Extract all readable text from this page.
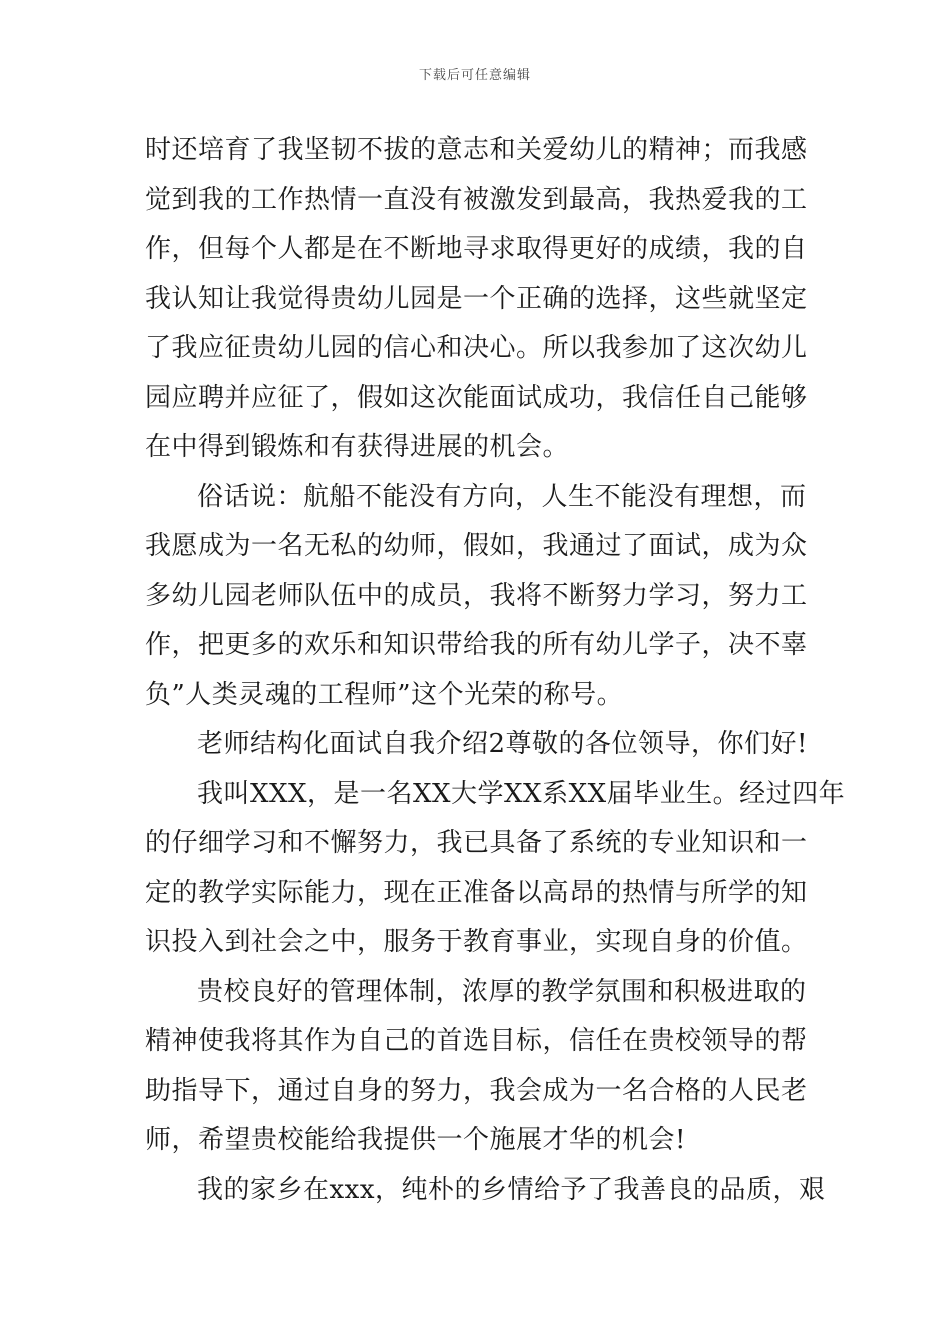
下载后可任意编辑
时还培育了我坚韧不拔的意志和关爱幼儿的精神；而我感
觉到我的工作热情一直没有被激发到最高，我热爱我的工
作，但每个人都是在不断地寻求取得更好的成绩，我的自
我认知让我觉得贵幼儿园是一个正确的选择，这些就坚定
了我应征贵幼儿园的信心和决心。所以我参加了这次幼儿
园应聘并应征了，假如这次能面试成功，我信任自己能够
在中得到锻炼和有获得进展的机会。
俗话说：航船不能没有方向，人生不能没有理想，而
我愿成为一名无私的幼师，假如，我通过了面试，成为众
多幼儿园老师队伍中的成员，我将不断努力学习，努力工
作，把更多的欢乐和知识带给我的所有幼儿学子，决不辜
负”人类灵魂的工程师”这个光荣的称号。
老师结构化面试自我介绍2尊敬的各位领导，你们好!
我叫XXX，是一名XX大学XX系XX届毕业生。经过四年
的仔细学习和不懈努力，我已具备了系统的专业知识和一
定的教学实际能力，现在正准备以高昂的热情与所学的知
识投入到社会之中，服务于教育事业，实现自身的价值。
贵校良好的管理体制，浓厚的教学氛围和积极进取的
精神使我将其作为自己的首选目标，信任在贵校领导的帮
助指导下，通过自身的努力，我会成为一名合格的人民老
师，希望贵校能给我提供一个施展才华的机会!
我的家乡在xxx，纯朴的乡情给予了我善良的品质，艰
